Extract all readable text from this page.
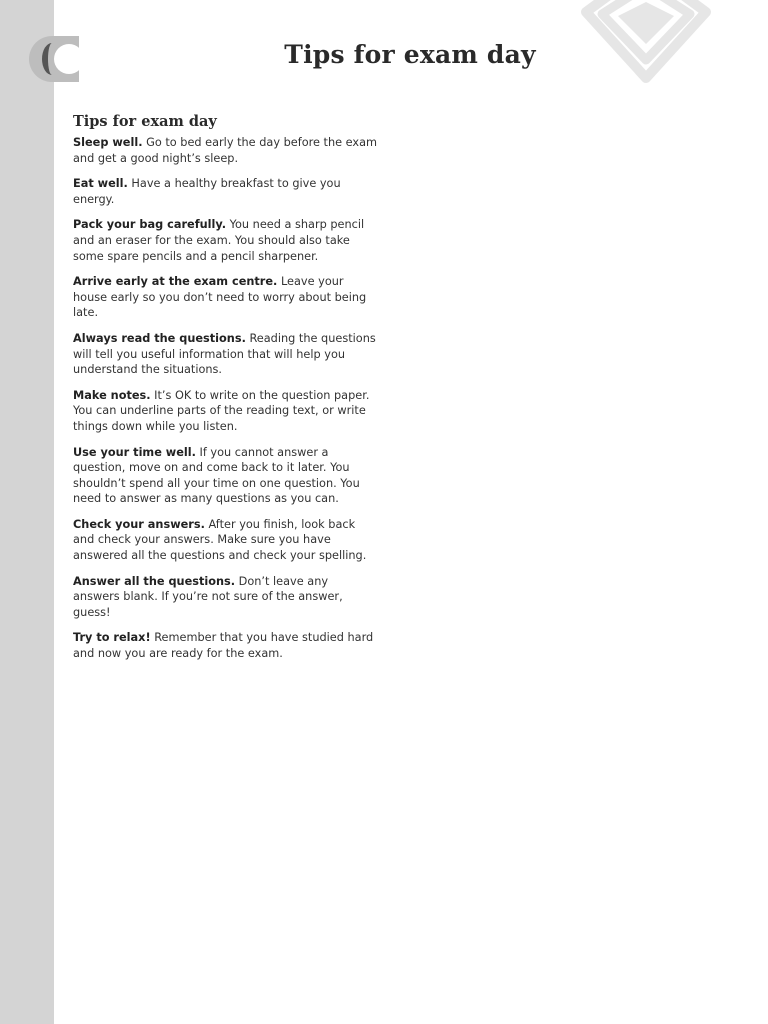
Tips for exam day
Tips for exam day

Sleep well. Go to bed early the day before the exam and get a good night’s sleep.

Eat well. Have a healthy breakfast to give you energy.

Pack your bag carefully. You need a sharp pencil and an eraser for the exam. You should also take some spare pencils and a pencil sharpener.

Arrive early at the exam centre. Leave your house early so you don’t need to worry about being late.

Always read the questions. Reading the questions will tell you useful information that will help you understand the situations.

Make notes. It’s OK to write on the question paper. You can underline parts of the reading text, or write things down while you listen.

Use your time well. If you cannot answer a question, move on and come back to it later. You shouldn’t spend all your time on one question. You need to answer as many questions as you can.

Check your answers. After you finish, look back and check your answers. Make sure you have answered all the questions and check your spelling.

Answer all the questions. Don’t leave any answers blank. If you’re not sure of the answer, guess!

Try to relax! Remember that you have studied hard and now you are ready for the exam.
